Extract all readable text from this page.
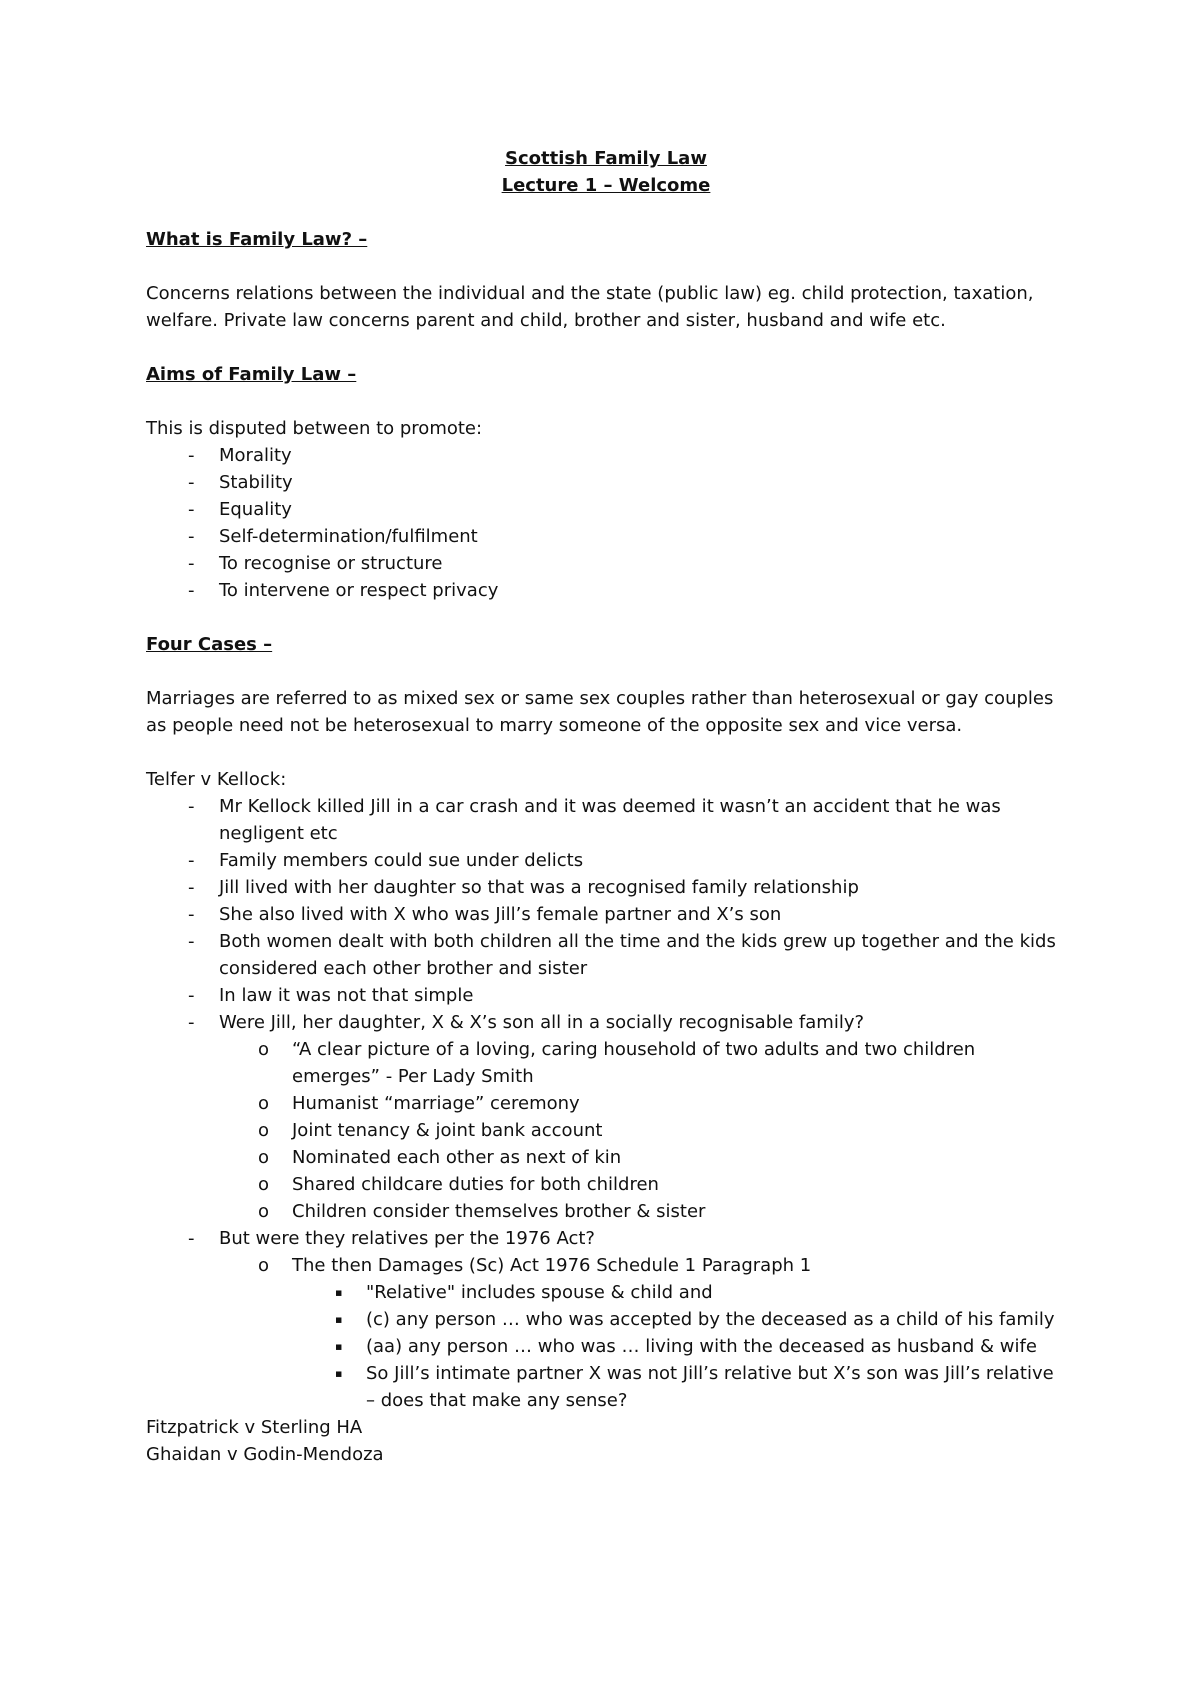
Scottish Family Law

Lecture 1 – Welcome

What is Family Law? –

Concerns relations between the individual and the state (public law) eg. child protection, taxation, welfare. Private law concerns parent and child, brother and sister, husband and wife etc.

Aims of Family Law –

This is disputed between to promote:

- Morality
- Stability
- Equality
- Self-determination/fulfilment
- To recognise or structure
- To intervene or respect privacy

Four Cases –

Marriages are referred to as mixed sex or same sex couples rather than heterosexual or gay couples as people need not be heterosexual to marry someone of the opposite sex and vice versa.

Telfer v Kellock:

- Mr Kellock killed Jill in a car crash and it was deemed it wasn’t an accident that he was negligent etc
- Family members could sue under delicts
- Jill lived with her daughter so that was a recognised family relationship
- She also lived with X who was Jill’s female partner and X’s son
- Both women dealt with both children all the time and the kids grew up together and the kids considered each other brother and sister
- In law it was not that simple
- Were Jill, her daughter, X & X’s son all in a socially recognisable family?
o “A clear picture of a loving, caring household of two adults and two children emerges” - Per Lady Smith
o Humanist “marriage” ceremony
o Joint tenancy & joint bank account
o Nominated each other as next of kin
o Shared childcare duties for both children
o Children consider themselves brother & sister
- But were they relatives per the 1976 Act?
o The then Damages (Sc) Act 1976 Schedule 1 Paragraph 1
▪ "Relative" includes spouse & child and
▪ (c) any person … who was accepted by the deceased as a child of his family
▪ (aa) any person … who was … living with the deceased as husband & wife
▪ So Jill’s intimate partner X was not Jill’s relative but X’s son was Jill’s relative – does that make any sense?

Fitzpatrick v Sterling HA

Ghaidan v Godin-Mendoza
